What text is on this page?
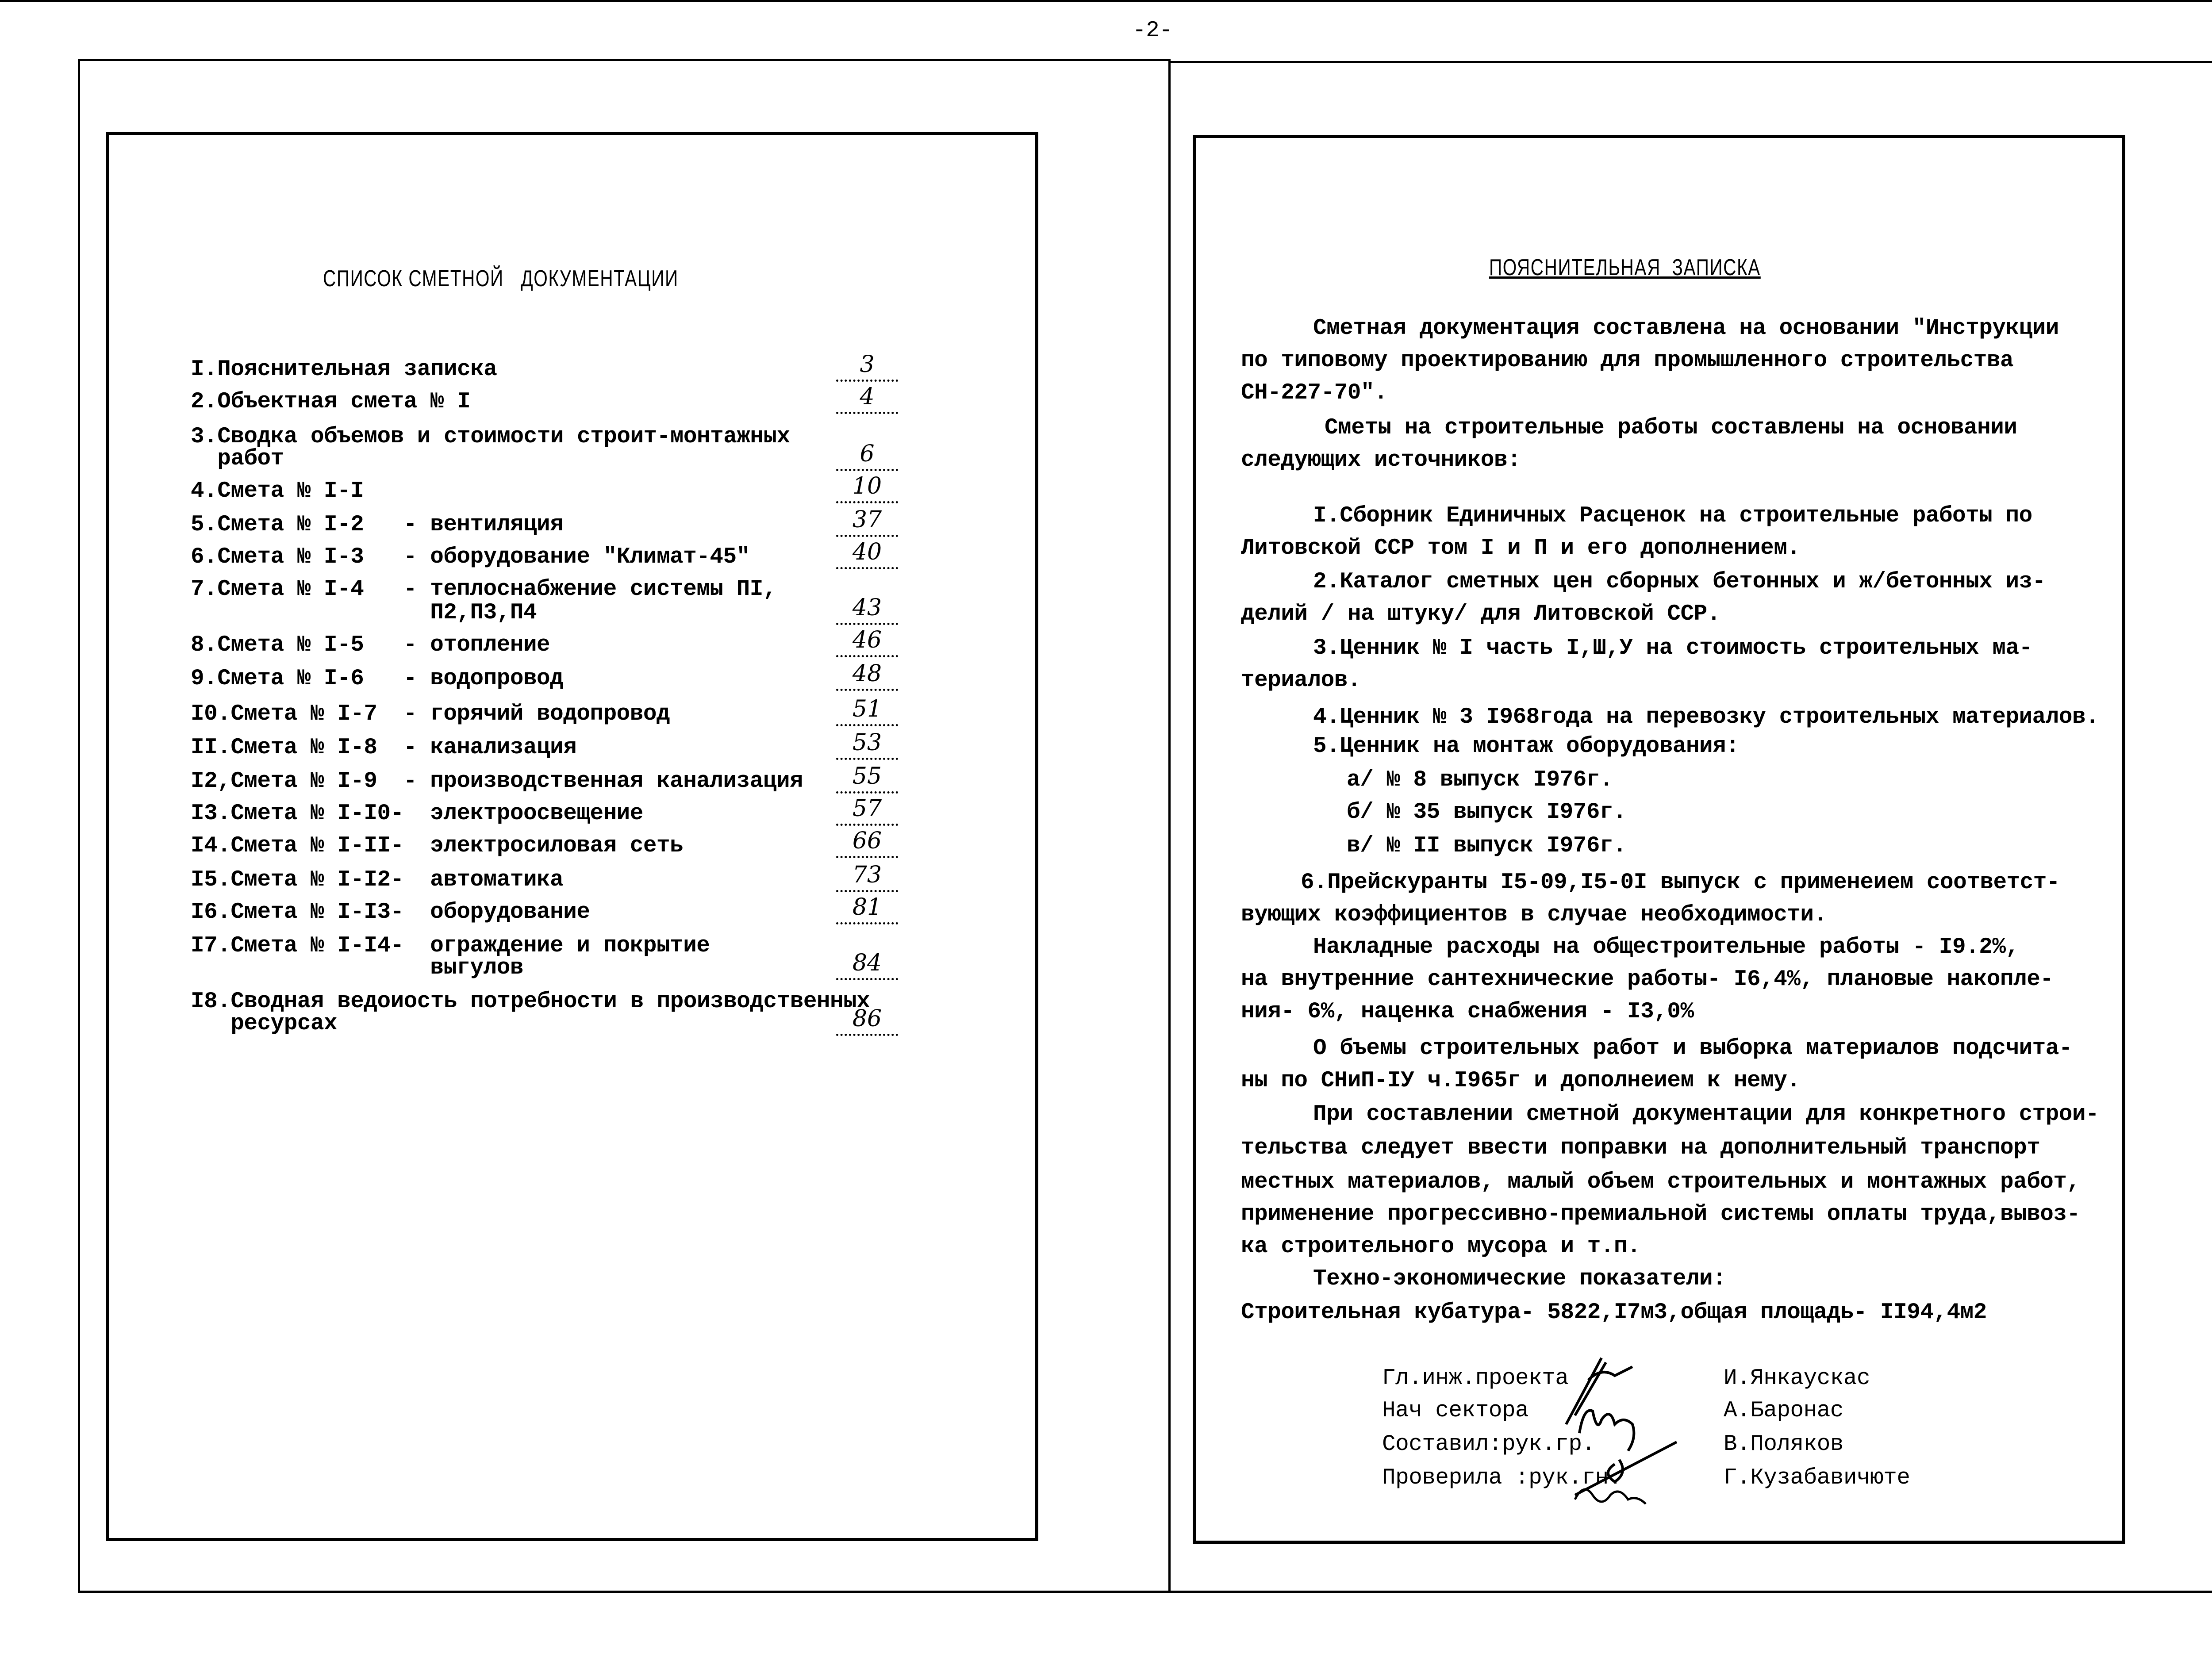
-2-
СПИСОК СМЕТНОЙ   ДОКУМЕНТАЦИИ
I.Пояснительная записка	3
2.Объектная смета № I	4
3.Сводка объемов и стоимости строит-монтажных
работ	6
4.Смета № I-I	10
5.Смета № I-2 - вентиляция	37
6.Смета № I-3 - оборудование "Климат-45"	40
7.Смета № I-4 - теплоснабжение системы ПI,
П2,П3,П4	43
8.Смета № I-5 - отопление	46
9.Смета № I-6 - водопровод	48
I0.Смета № I-7 - горячий водопровод	51
II.Смета № I-8 - канализация	53
I2,Смета № I-9 - производственная канализация	55
I3.Смета № I-I0- электроосвещение	57
I4.Смета № I-II- электросиловая сеть	66
I5.Смета № I-I2- автоматика	73
I6.Смета № I-I3- оборудование	81
I7.Смета № I-I4- ограждение и покрытие
выгулов	84
I8.Сводная ведоиость потребности в производственных
ресурсах	86
ПОЯСНИТЕЛЬНАЯ  ЗАПИСКА
Сметная документация составлена на основании "Инструкции
по типовому проектированию для промышленного строительства
СН-227-70".
Сметы на строительные работы составлены на основании
следующих источников:
I.Сборник Единичных Расценок на строительные работы по
Литовской ССР том I и П и его дополнением.
2.Каталог сметных цен сборных бетонных и ж/бетонных из-
делий / на штуку/ для Литовской ССР.
3.Ценник № I часть I,Ш,У на стоимость строительных ма-
териалов.
4.Ценник № 3 I968года на перевозку строительных материалов.
5.Ценник на монтаж оборудования:
а/ № 8 выпуск I976г.
б/ № 35 выпуск I976г.
в/ № II выпуск I976г.
6.Прейскуранты I5-09,I5-0I выпуск с применеием соответст-
вующих коэффициентов в случае необходимости.
Накладные расходы на общестроительные работы - I9.2%,
на внутренние сантехнические работы- I6,4%, плановые накопле-
ния- 6%, наценка снабжения - I3,0%
О бъемы строительных работ и выборка материалов подсчита-
ны по СНиП-IУ ч.I965г и дополнеием к нему.
При составлении сметной документации для конкретного строи-
тельства следует ввести поправки на дополнительный транспорт
местных материалов, малый объем строительных и монтажных работ,
применение прогрессивно-премиальной системы оплаты труда,вывоз-
ка строительного мусора и т.п.
Техно-экономические показатели:
Строительная кубатура- 5822,I7м3,общая площадь- II94,4м2
Гл.инж.проекта	И.Янкаускас
Нач сектора	А.Баронас
Составил:рук.гр.	В.Поляков
Проверила :рук.гн.	Г.Кузабавичюте
